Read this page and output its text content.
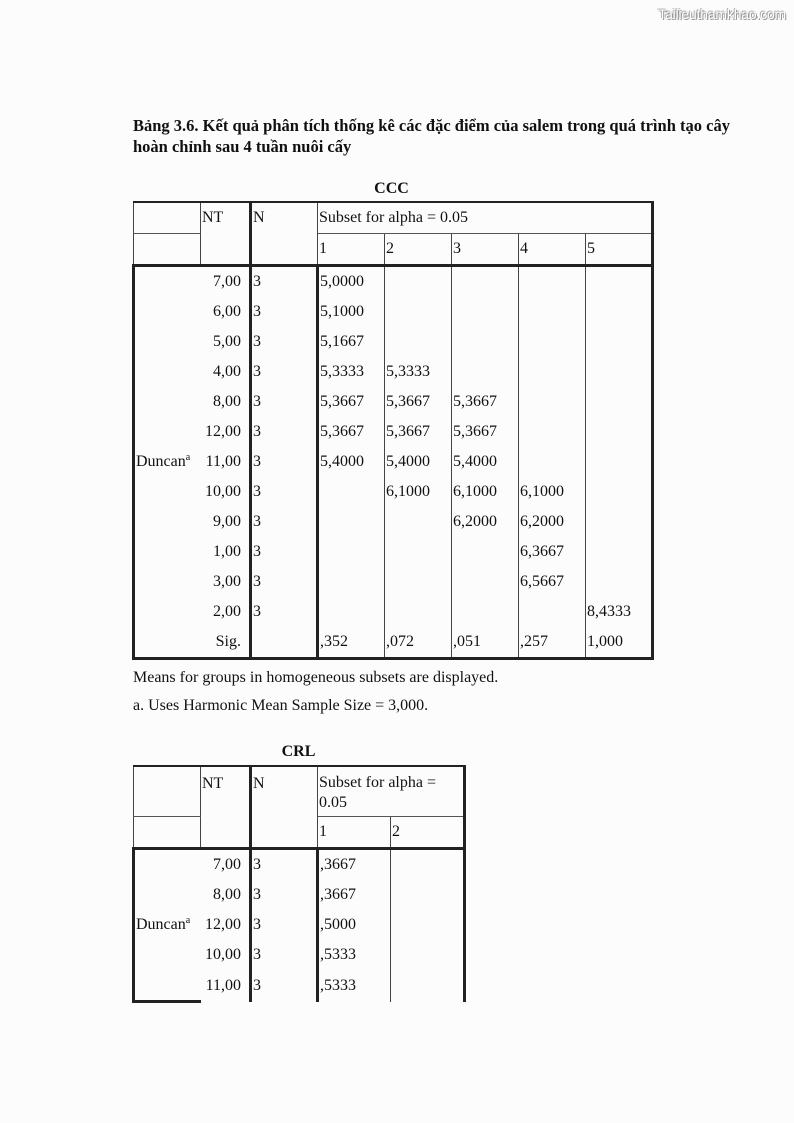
Tailieuthamkhao.com
Bảng 3.6. Kết quả phân tích thống kê các đặc điểm của salem trong quá trình tạo cây hoàn chỉnh sau 4 tuần nuôi cấy
CCC
	NT	N	Subset for alpha = 0.05				
			1	2	3	4	5
	7,00	3	5,0000				
	6,00	3	5,1000				
	5,00	3	5,1667				
	4,00	3	5,3333	5,3333			
	8,00	3	5,3667	5,3667	5,3667		
	12,00	3	5,3667	5,3667	5,3667		
Duncan$^a$	11,00	3	5,4000	5,4000	5,4000		
	10,00	3		6,1000	6,1000	6,1000	
	9,00	3			6,2000	6,2000	
	1,00	3				6,3667	
	3,00	3				6,5667	
	2,00	3					8,4333
	Sig.		,352	,072	,051	,257	1,000
Means for groups in homogeneous subsets are displayed.
a. Uses Harmonic Mean Sample Size = 3,000.
CRL
	NT	N	Subset for alpha = 0.05	
			1	2
	7,00	3	,3667	
	8,00	3	,3667	
Duncan$^a$	12,00	3	,5000	
	10,00	3	,5333	
	11,00	3	,5333	
